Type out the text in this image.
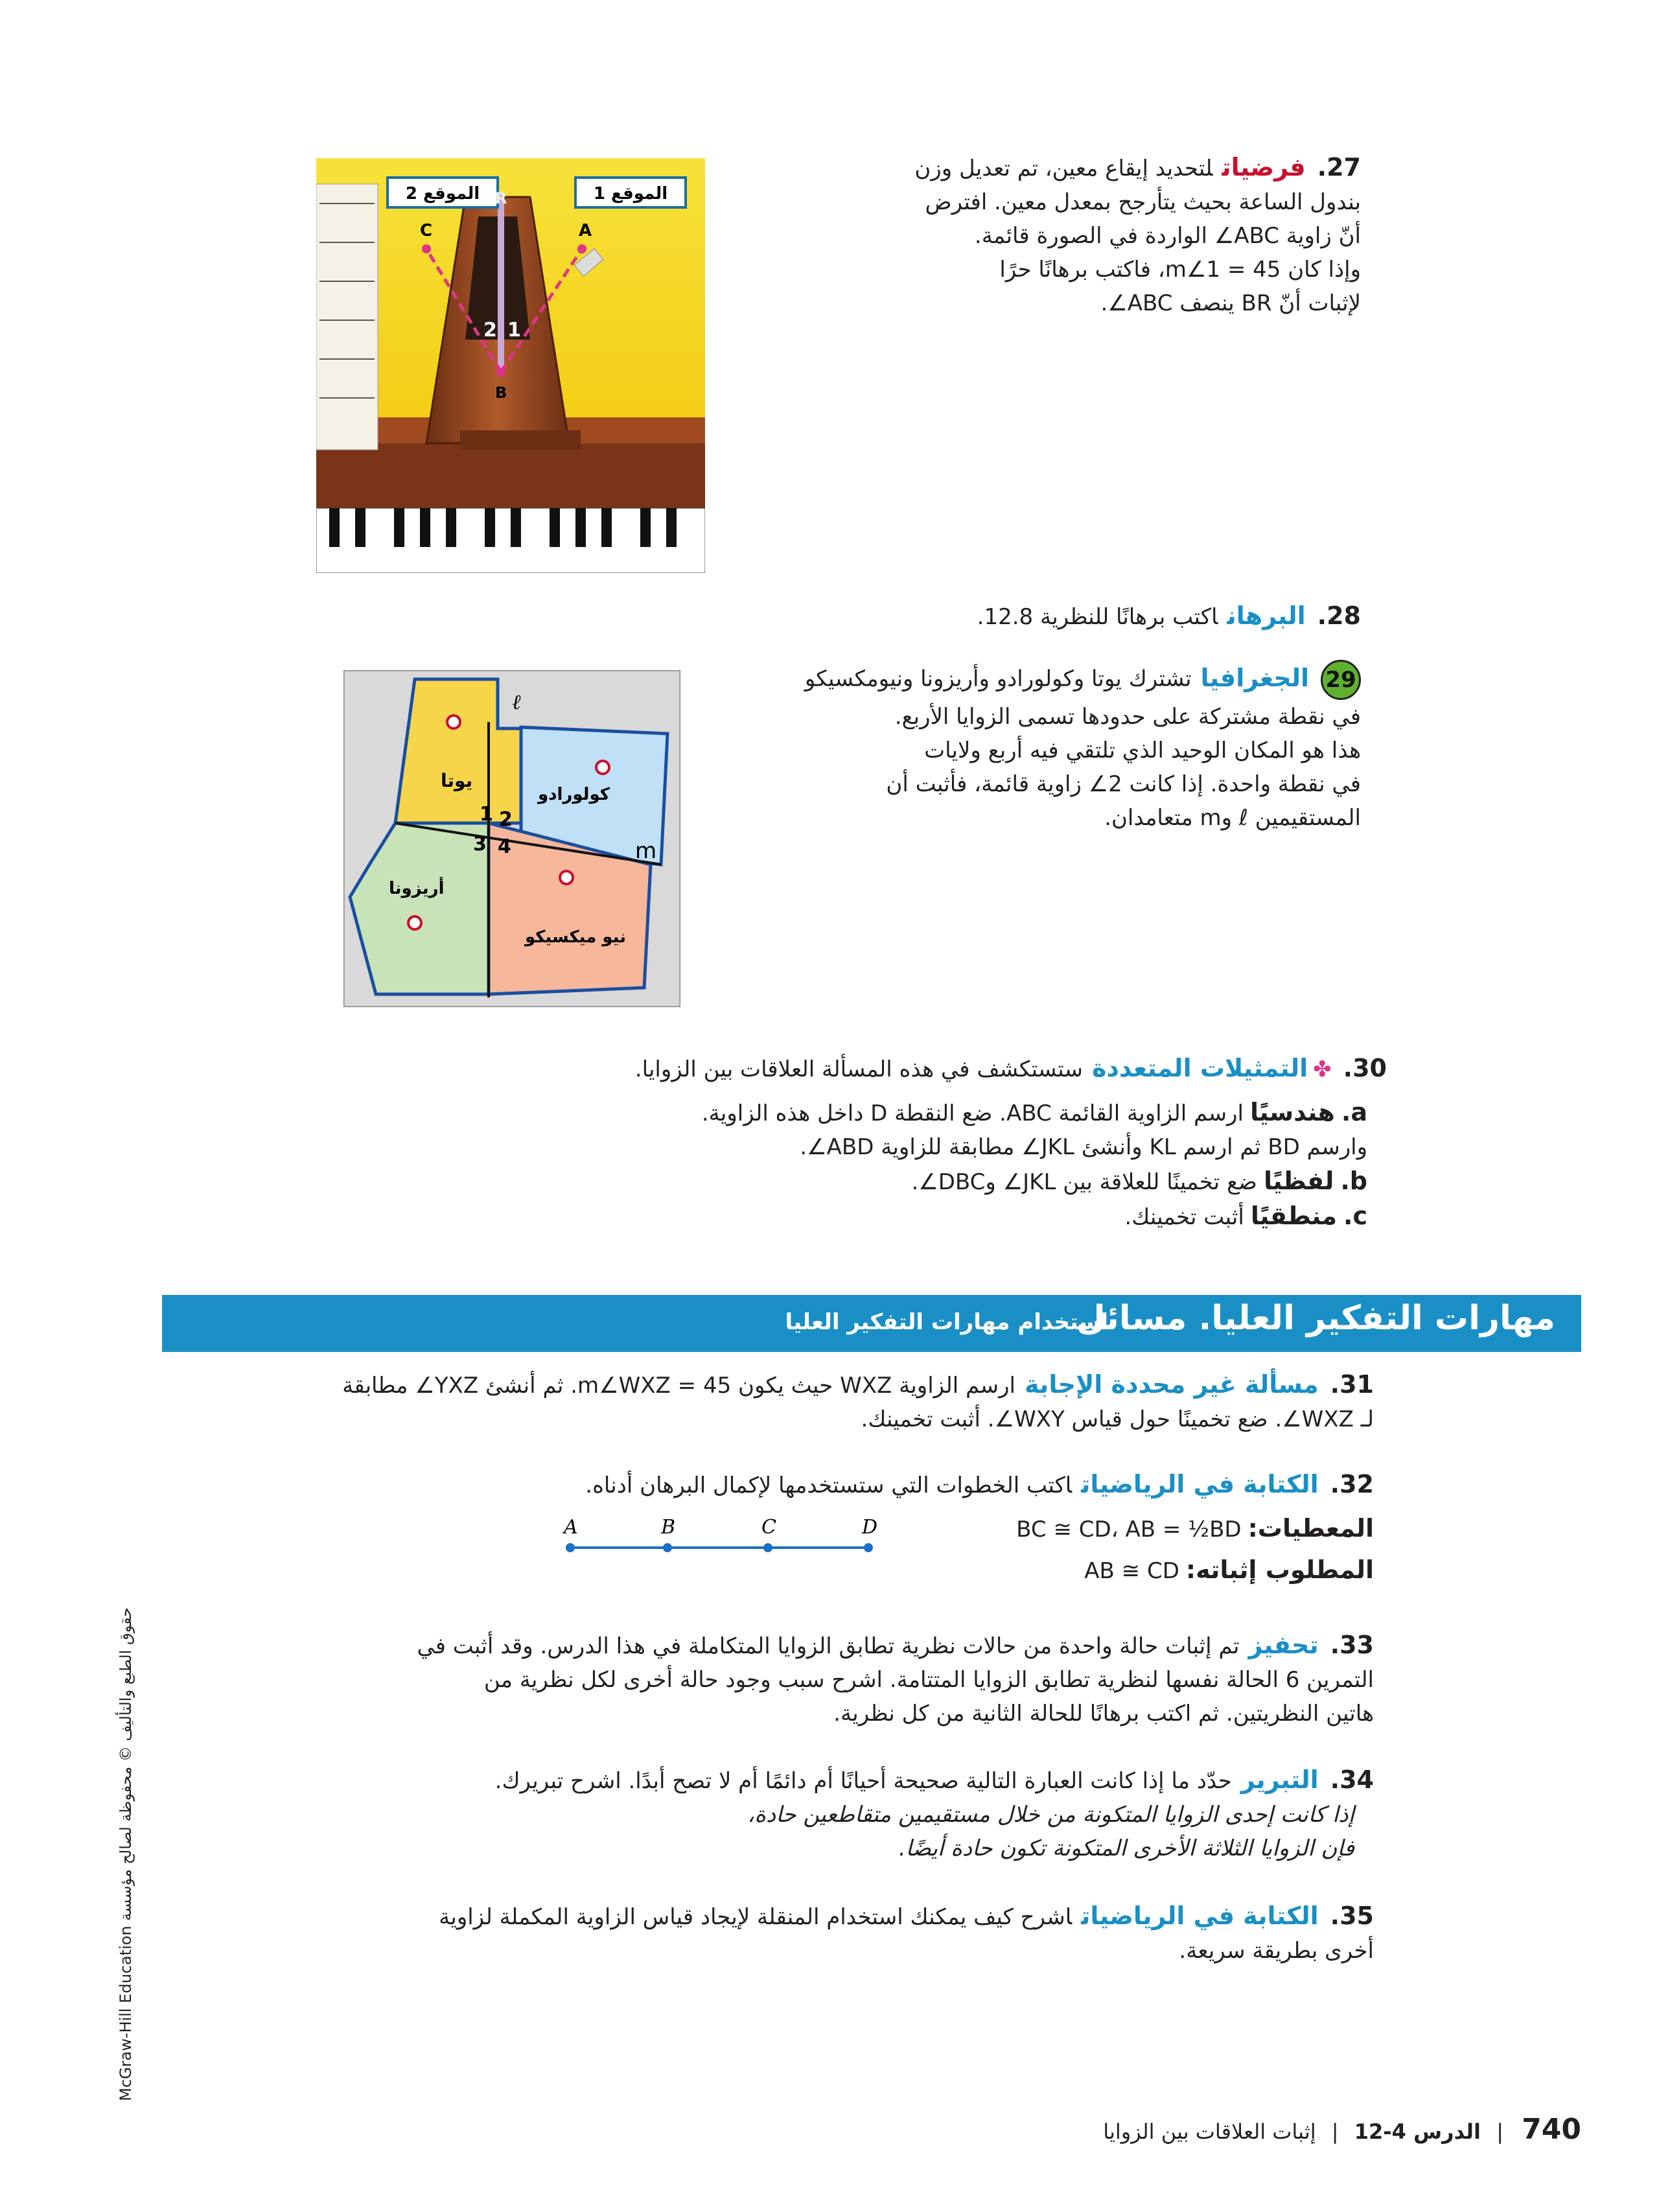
27.فرضياتلتحديد إيقاع معين، تم تعديل وزن
بندول الساعة بحيث يتأرجح بمعدل معين. افترض
أنّ زاوية ABC∠ الواردة في الصورة قائمة.
وإذا كان m∠1 = 45، فاكتب برهانًا حرًا
لإثبات أنّ BR ينصف ABC∠.
الموقع 2	الموقع 1
C	A
R
B
2 1
28.البرهاناكتب برهانًا للنظرية 12.8.
29الجغرافياتشترك يوتا وكولورادو وأريزونا ونيومكسيكو
في نقطة مشتركة على حدودها تسمى الزوايا الأربع.
هذا هو المكان الوحيد الذي تلتقي فيه أربع ولايات
في نقطة واحدة. إذا كانت 2∠ زاوية قائمة، فأثبت أن
المستقيمين ℓ وm متعامدان.
يوتا
كولورادو
أريزونا
نيو ميكسيكو
ℓ
m
1 2
3 4
30.✤التمثيلات المتعددةستستكشف في هذه المسألة العلاقات بين الزوايا.
a.هندسيًاارسم الزاوية القائمة ABC. ضع النقطة D داخل هذه الزاوية.
وارسم BD ثم ارسم KL وأنشئ JKL∠ مطابقة للزاوية ABD∠.
b.لفظيًاضع تخمينًا للعلاقة بين JKL∠ وDBC∠.
c.منطقيًاأثبت تخمينك.
مهارات التفكير العليا. مسائل
استخدام مهارات التفكير العليا
31.مسألة غير محددة الإجابةارسم الزاوية WXZ حيث يكون m∠WXZ = 45. ثم أنشئ YXZ∠ مطابقة
لـ WXZ∠. ضع تخمينًا حول قياس WXY∠. أثبت تخمينك.
32.الكتابة في الرياضياتاكتب الخطوات التي ستستخدمها لإكمال البرهان أدناه.
المعطيات:BC ≅ CD، AB = ½BD
المطلوب إثباته:AB ≅ CD
A	B	C	D
33.تحفيزتم إثبات حالة واحدة من حالات نظرية تطابق الزوايا المتكاملة في هذا الدرس. وقد أثبت في
التمرين 6 الحالة نفسها لنظرية تطابق الزوايا المتتامة. اشرح سبب وجود حالة أخرى لكل نظرية من
هاتين النظريتين. ثم اكتب برهانًا للحالة الثانية من كل نظرية.
34.التبريرحدّد ما إذا كانت العبارة التالية صحيحة أحيانًا أم دائمًا أم لا تصح أبدًا. اشرح تبريرك.
إذا كانت إحدى الزوايا المتكونة من خلال مستقيمين متقاطعين حادة،
فإن الزوايا الثلاثة الأخرى المتكونة تكون حادة أيضًا.
35.الكتابة في الرياضياتاشرح كيف يمكنك استخدام المنقلة لإيجاد قياس الزاوية المكملة لزاوية
أخرى بطريقة سريعة.
حقوق الطبع والتأليف © محفوظة لصالح مؤسسة McGraw-Hill Education
740 | الدرس 4-12 | إثبات العلاقات بين الزوايا
